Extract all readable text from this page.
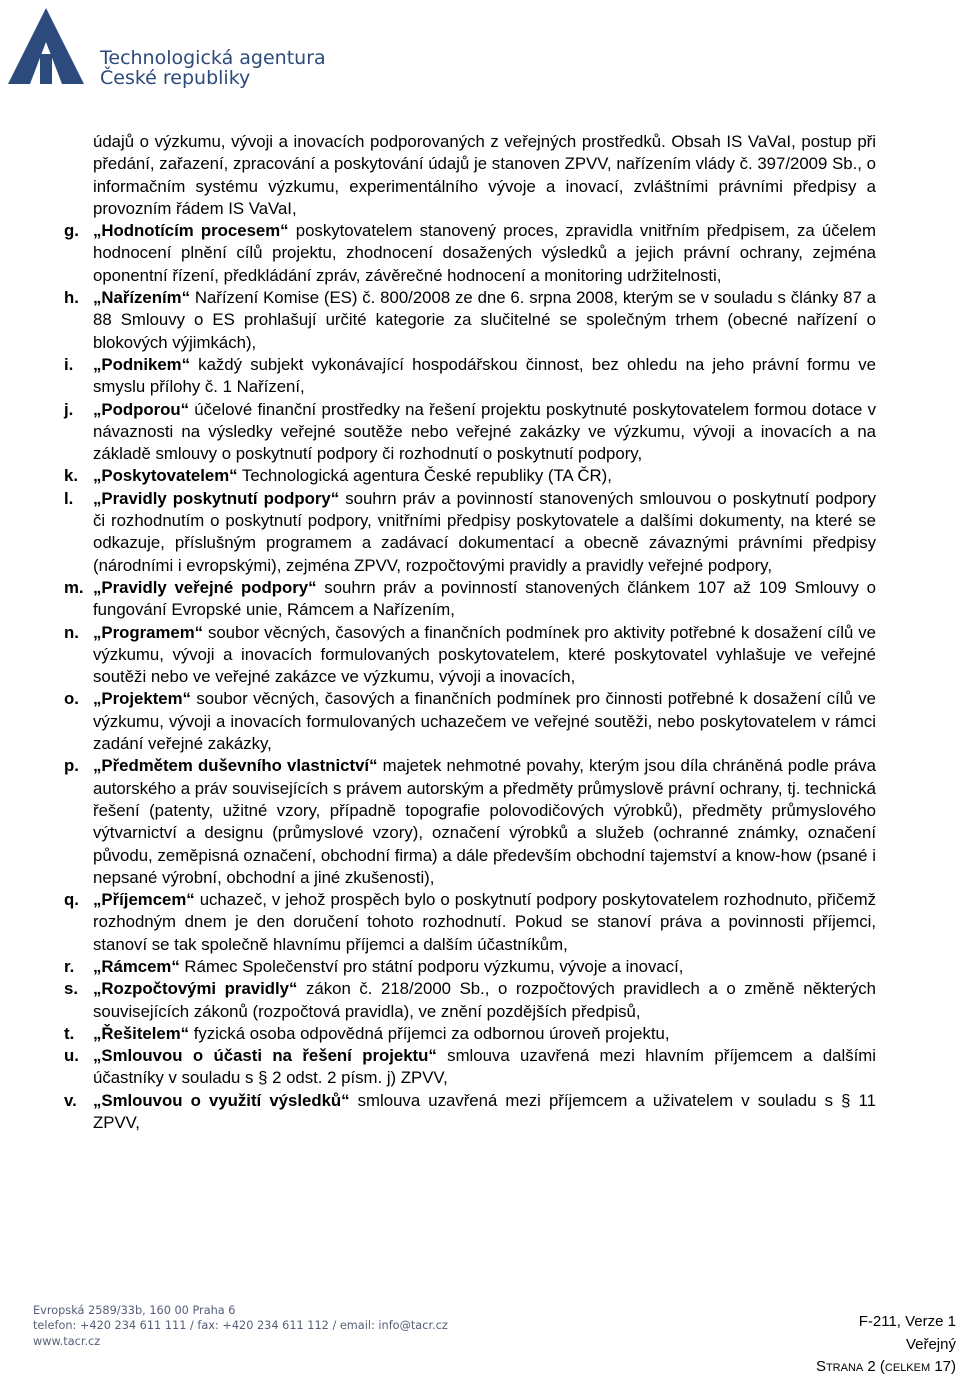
Technologická agentura
České republiky
údajů o výzkumu, vývoji a inovacích podporovaných z veřejných prostředků. Obsah IS VaVaI, postup při předání, zařazení, zpracování a poskytování údajů je stanoven ZPVV, nařízením vlády č. 397/2009 Sb., o informačním systému výzkumu, experimentálního vývoje a inovací, zvláštními právními předpisy a provozním řádem IS VaVaI,
g. „Hodnotícím procesem“ poskytovatelem stanovený proces, zpravidla vnitřním předpisem, za účelem hodnocení plnění cílů projektu, zhodnocení dosažených výsledků a jejich právní ochrany, zejména oponentní řízení, předkládání zpráv, závěrečné hodnocení a monitoring udržitelnosti,
h. „Nařízením“ Nařízení Komise (ES) č. 800/2008 ze dne 6. srpna 2008, kterým se v souladu s články 87 a 88 Smlouvy o ES prohlašují určité kategorie za slučitelné se společným trhem (obecné nařízení o blokových výjimkách),
i. „Podnikem“ každý subjekt vykonávající hospodářskou činnost, bez ohledu na jeho právní formu ve smyslu přílohy č. 1 Nařízení,
j. „Podporou“ účelové finanční prostředky na řešení projektu poskytnuté poskytovatelem formou dotace v návaznosti na výsledky veřejné soutěže nebo veřejné zakázky ve výzkumu, vývoji a inovacích a na základě smlouvy o poskytnutí podpory či rozhodnutí o poskytnutí podpory,
k. „Poskytovatelem“ Technologická agentura České republiky (TA ČR),
l. „Pravidly poskytnutí podpory“ souhrn práv a povinností stanovených smlouvou o poskytnutí podpory či rozhodnutím o poskytnutí podpory, vnitřními předpisy poskytovatele a dalšími dokumenty, na které se odkazuje, příslušným programem a zadávací dokumentací a obecně závaznými právními předpisy (národními i evropskými), zejména ZPVV, rozpočtovými pravidly a pravidly veřejné podpory,
m. „Pravidly veřejné podpory“ souhrn práv a povinností stanovených článkem 107 až 109 Smlouvy o fungování Evropské unie, Rámcem a Nařízením,
n. „Programem“ soubor věcných, časových a finančních podmínek pro aktivity potřebné k dosažení cílů ve výzkumu, vývoji a inovacích formulovaných poskytovatelem, které poskytovatel vyhlašuje ve veřejné soutěži nebo ve veřejné zakázce ve výzkumu, vývoji a inovacích,
o. „Projektem“ soubor věcných, časových a finančních podmínek pro činnosti potřebné k dosažení cílů ve výzkumu, vývoji a inovacích formulovaných uchazečem ve veřejné soutěži, nebo poskytovatelem v rámci zadání veřejné zakázky,
p. „Předmětem duševního vlastnictví“ majetek nehmotné povahy, kterým jsou díla chráněná podle práva autorského a práv souvisejících s právem autorským a předměty průmyslově právní ochrany, tj. technická řešení (patenty, užitné vzory, případně topografie polovodičových výrobků), předměty průmyslového výtvarnictví a designu (průmyslové vzory), označení výrobků a služeb (ochranné známky, označení původu, zeměpisná označení, obchodní firma) a dále především obchodní tajemství a know-how (psané i nepsané výrobní, obchodní a jiné zkušenosti),
q. „Příjemcem“ uchazeč, v jehož prospěch bylo o poskytnutí podpory poskytovatelem rozhodnuto, přičemž rozhodným dnem je den doručení tohoto rozhodnutí. Pokud se stanoví práva a povinnosti příjemci, stanoví se tak společně hlavnímu příjemci a dalším účastníkům,
r. „Rámcem“ Rámec Společenství pro státní podporu výzkumu, vývoje a inovací,
s. „Rozpočtovými pravidly“ zákon č. 218/2000 Sb., o rozpočtových pravidlech a o změně některých souvisejících zákonů (rozpočtová pravidla), ve znění pozdějších předpisů,
t. „Řešitelem“ fyzická osoba odpovědná příjemci za odbornou úroveň projektu,
u. „Smlouvou o účasti na řešení projektu“ smlouva uzavřená mezi hlavním příjemcem a dalšími účastníky v souladu s § 2 odst. 2 písm. j) ZPVV,
v. „Smlouvou o využití výsledků“ smlouva uzavřená mezi příjemcem a uživatelem v souladu s § 11 ZPVV,
Evropská 2589/33b, 160 00 Praha 6
telefon: +420 234 611 111 / fax: +420 234 611 112 / email: info@tacr.cz
www.tacr.cz
F-211, Verze 1
Veřejný
Strana 2 (celkem 17)
